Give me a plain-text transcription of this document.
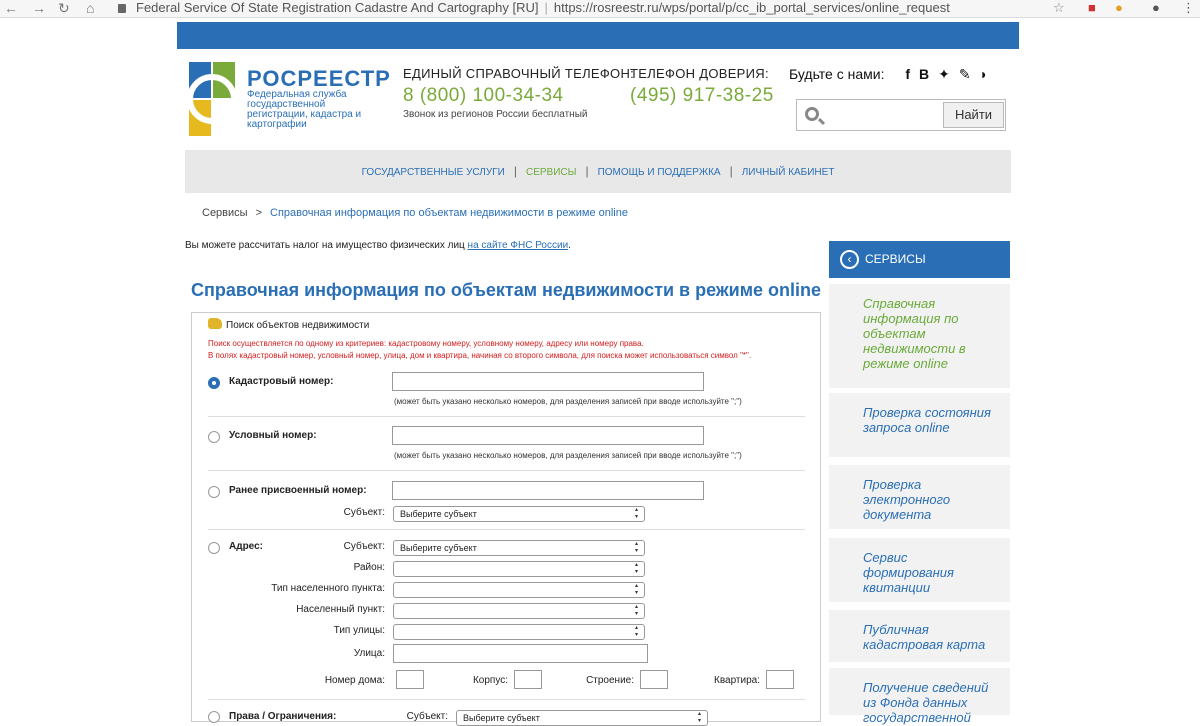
← → ↻ ⌂	Federal Service Of State Registration Cadastre And Cartography [RU] | https://rosreestr.ru/wps/portal/p/cc_ib_portal_services/online_request	☆ ■ ● ● ⋮
РОСРЕЕСТР
Федеральная служба государственной регистрации, кадастра и картографии
ЕДИНЫЙ СПРАВОЧНЫЙ ТЕЛЕФОН:
8 (800) 100-34-34
Звонок из регионов России бесплатный
ТЕЛЕФОН ДОВЕРИЯ:
(495) 917-38-25
Будьте с нами: f B ✦ ✎ ◗
Найти
ГОСУДАРСТВЕННЫЕ УСЛУГИ | СЕРВИСЫ | ПОМОЩЬ И ПОДДЕРЖКА | ЛИЧНЫЙ КАБИНЕТ
Сервисы > Справочная информация по объектам недвижимости в режиме online
Вы можете рассчитать налог на имущество физических лиц на сайте ФНС России.
Справочная информация по объектам недвижимости в режиме online
Поиск объектов недвижимости
Поиск осуществляется по одному из критериев: кадастровому номеру, условному номеру, адресу или номеру права.
В полях кадастровый номер, условный номер, улица, дом и квартира, начиная со второго символа, для поиска может использоваться символ "*".
Кадастровый номер:
(может быть указано несколько номеров, для разделения записей при вводе используйте ";")
Условный номер:
(может быть указано несколько номеров, для разделения записей при вводе используйте ";")
Ранее присвоенный номер:
Субъект:	Выберите субъект ▴▾
Адрес:	Субъект:	Выберите субъект ▴▾
Район:
▴▾
Тип населенного пункта:
▴▾
Населенный пункт:
▴▾
Тип улицы:
▴▾
Улица:
Номер дома:	Корпус:	Строение:	Квартира:
Права / Ограничения:	Субъект:	Выберите субъект ▴▾
‹	СЕРВИСЫ
Справочная информация по объектам недвижимости в режиме online
Проверка состояния запроса online
Проверка электронного документа
Сервис формирования квитанции
Публичная кадастровая карта
Получение сведений из Фонда данных государственной
